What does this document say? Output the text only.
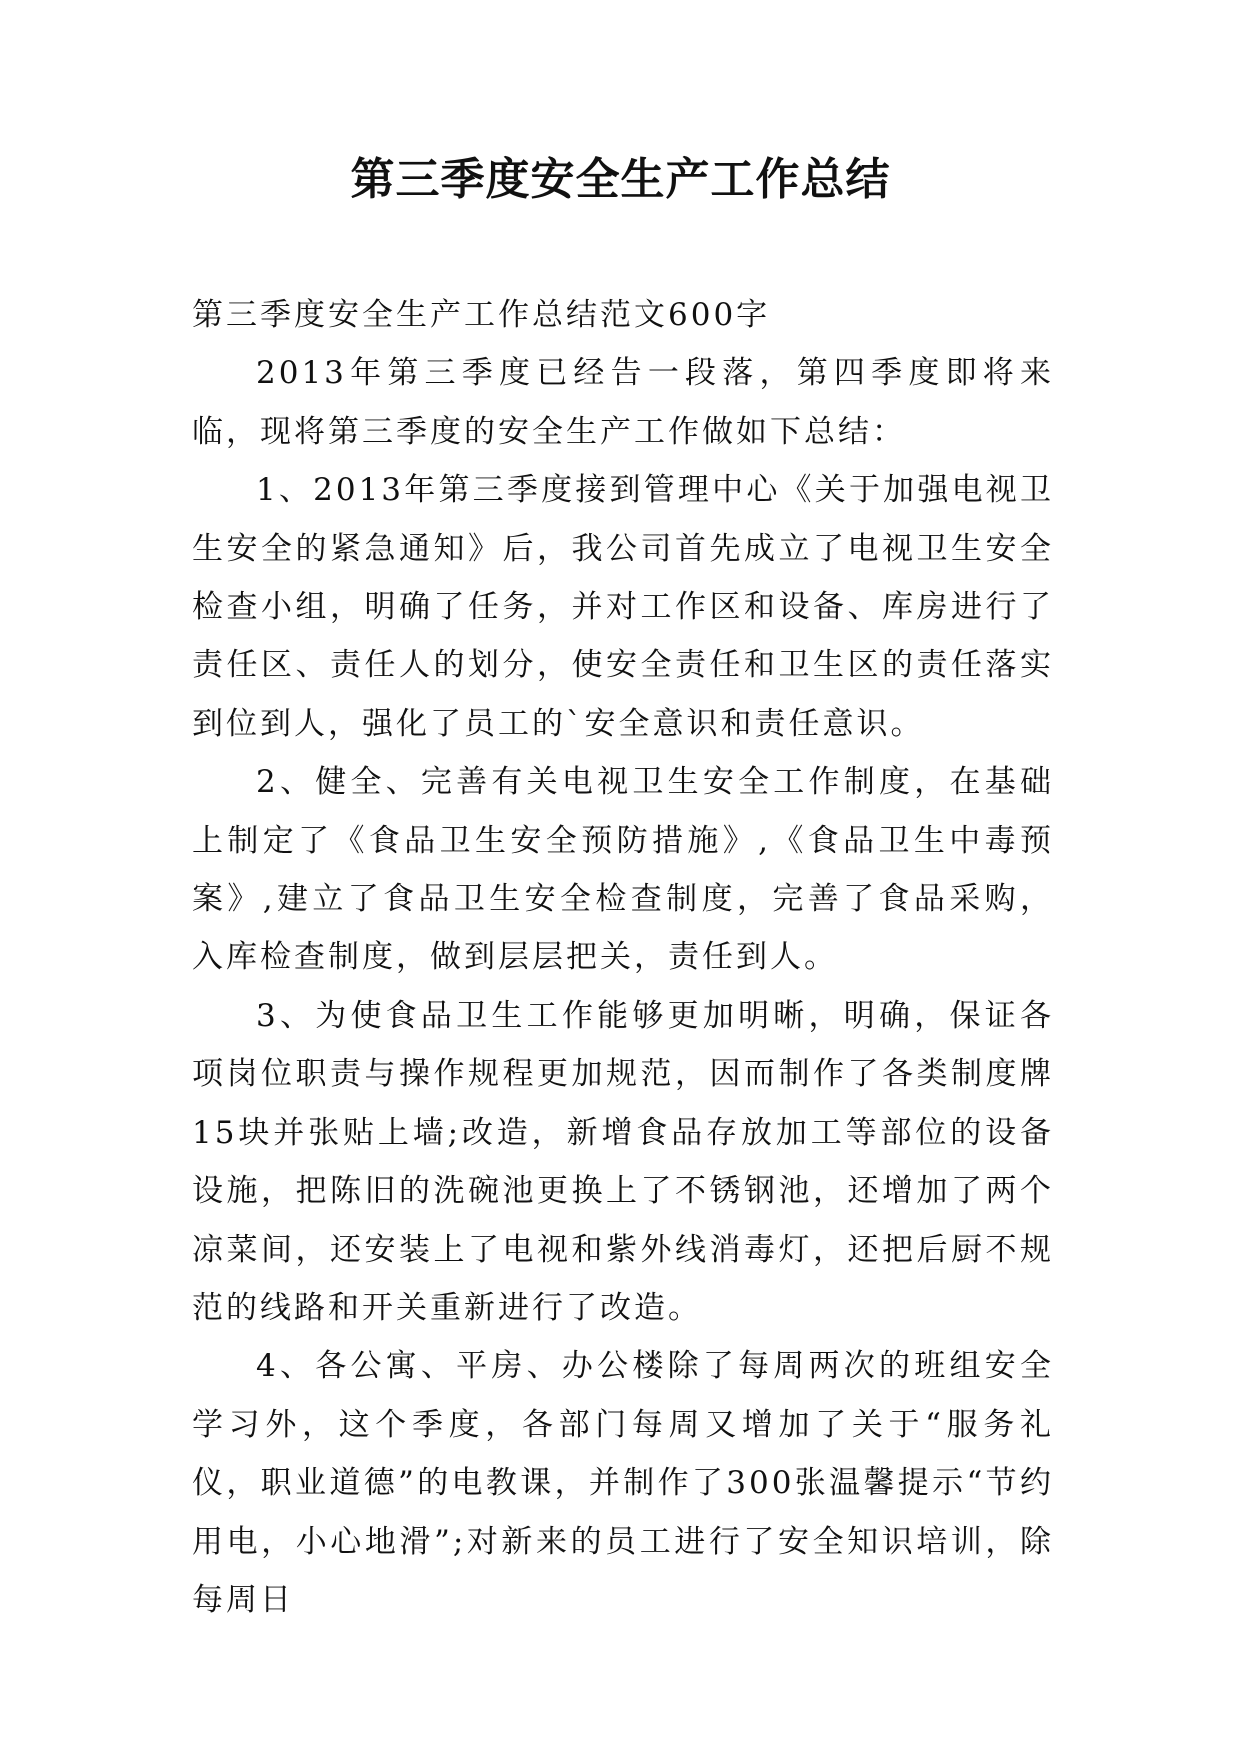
第三季度安全生产工作总结

第三季度安全生产工作总结范文600字

2013年第三季度已经告一段落，第四季度即将来临，现将第三季度的安全生产工作做如下总结：

1、2013年第三季度接到管理中心《关于加强电视卫生安全的紧急通知》后，我公司首先成立了电视卫生安全检查小组，明确了任务，并对工作区和设备、库房进行了责任区、责任人的划分，使安全责任和卫生区的责任落实到位到人，强化了员工的`安全意识和责任意识。

2、健全、完善有关电视卫生安全工作制度，在基础上制定了《食品卫生安全预防措施》,《食品卫生中毒预案》,建立了食品卫生安全检查制度，完善了食品采购，入库检查制度，做到层层把关，责任到人。

3、为使食品卫生工作能够更加明晰，明确，保证各项岗位职责与操作规程更加规范，因而制作了各类制度牌15块并张贴上墙;改造，新增食品存放加工等部位的设备设施，把陈旧的洗碗池更换上了不锈钢池，还增加了两个凉菜间，还安装上了电视和紫外线消毒灯，还把后厨不规范的线路和开关重新进行了改造。

4、各公寓、平房、办公楼除了每周两次的班组安全学习外，这个季度，各部门每周又增加了关于“服务礼仪，职业道德”的电教课，并制作了300张温馨提示“节约用电，小心地滑”;对新来的员工进行了安全知识培训，除每周日
